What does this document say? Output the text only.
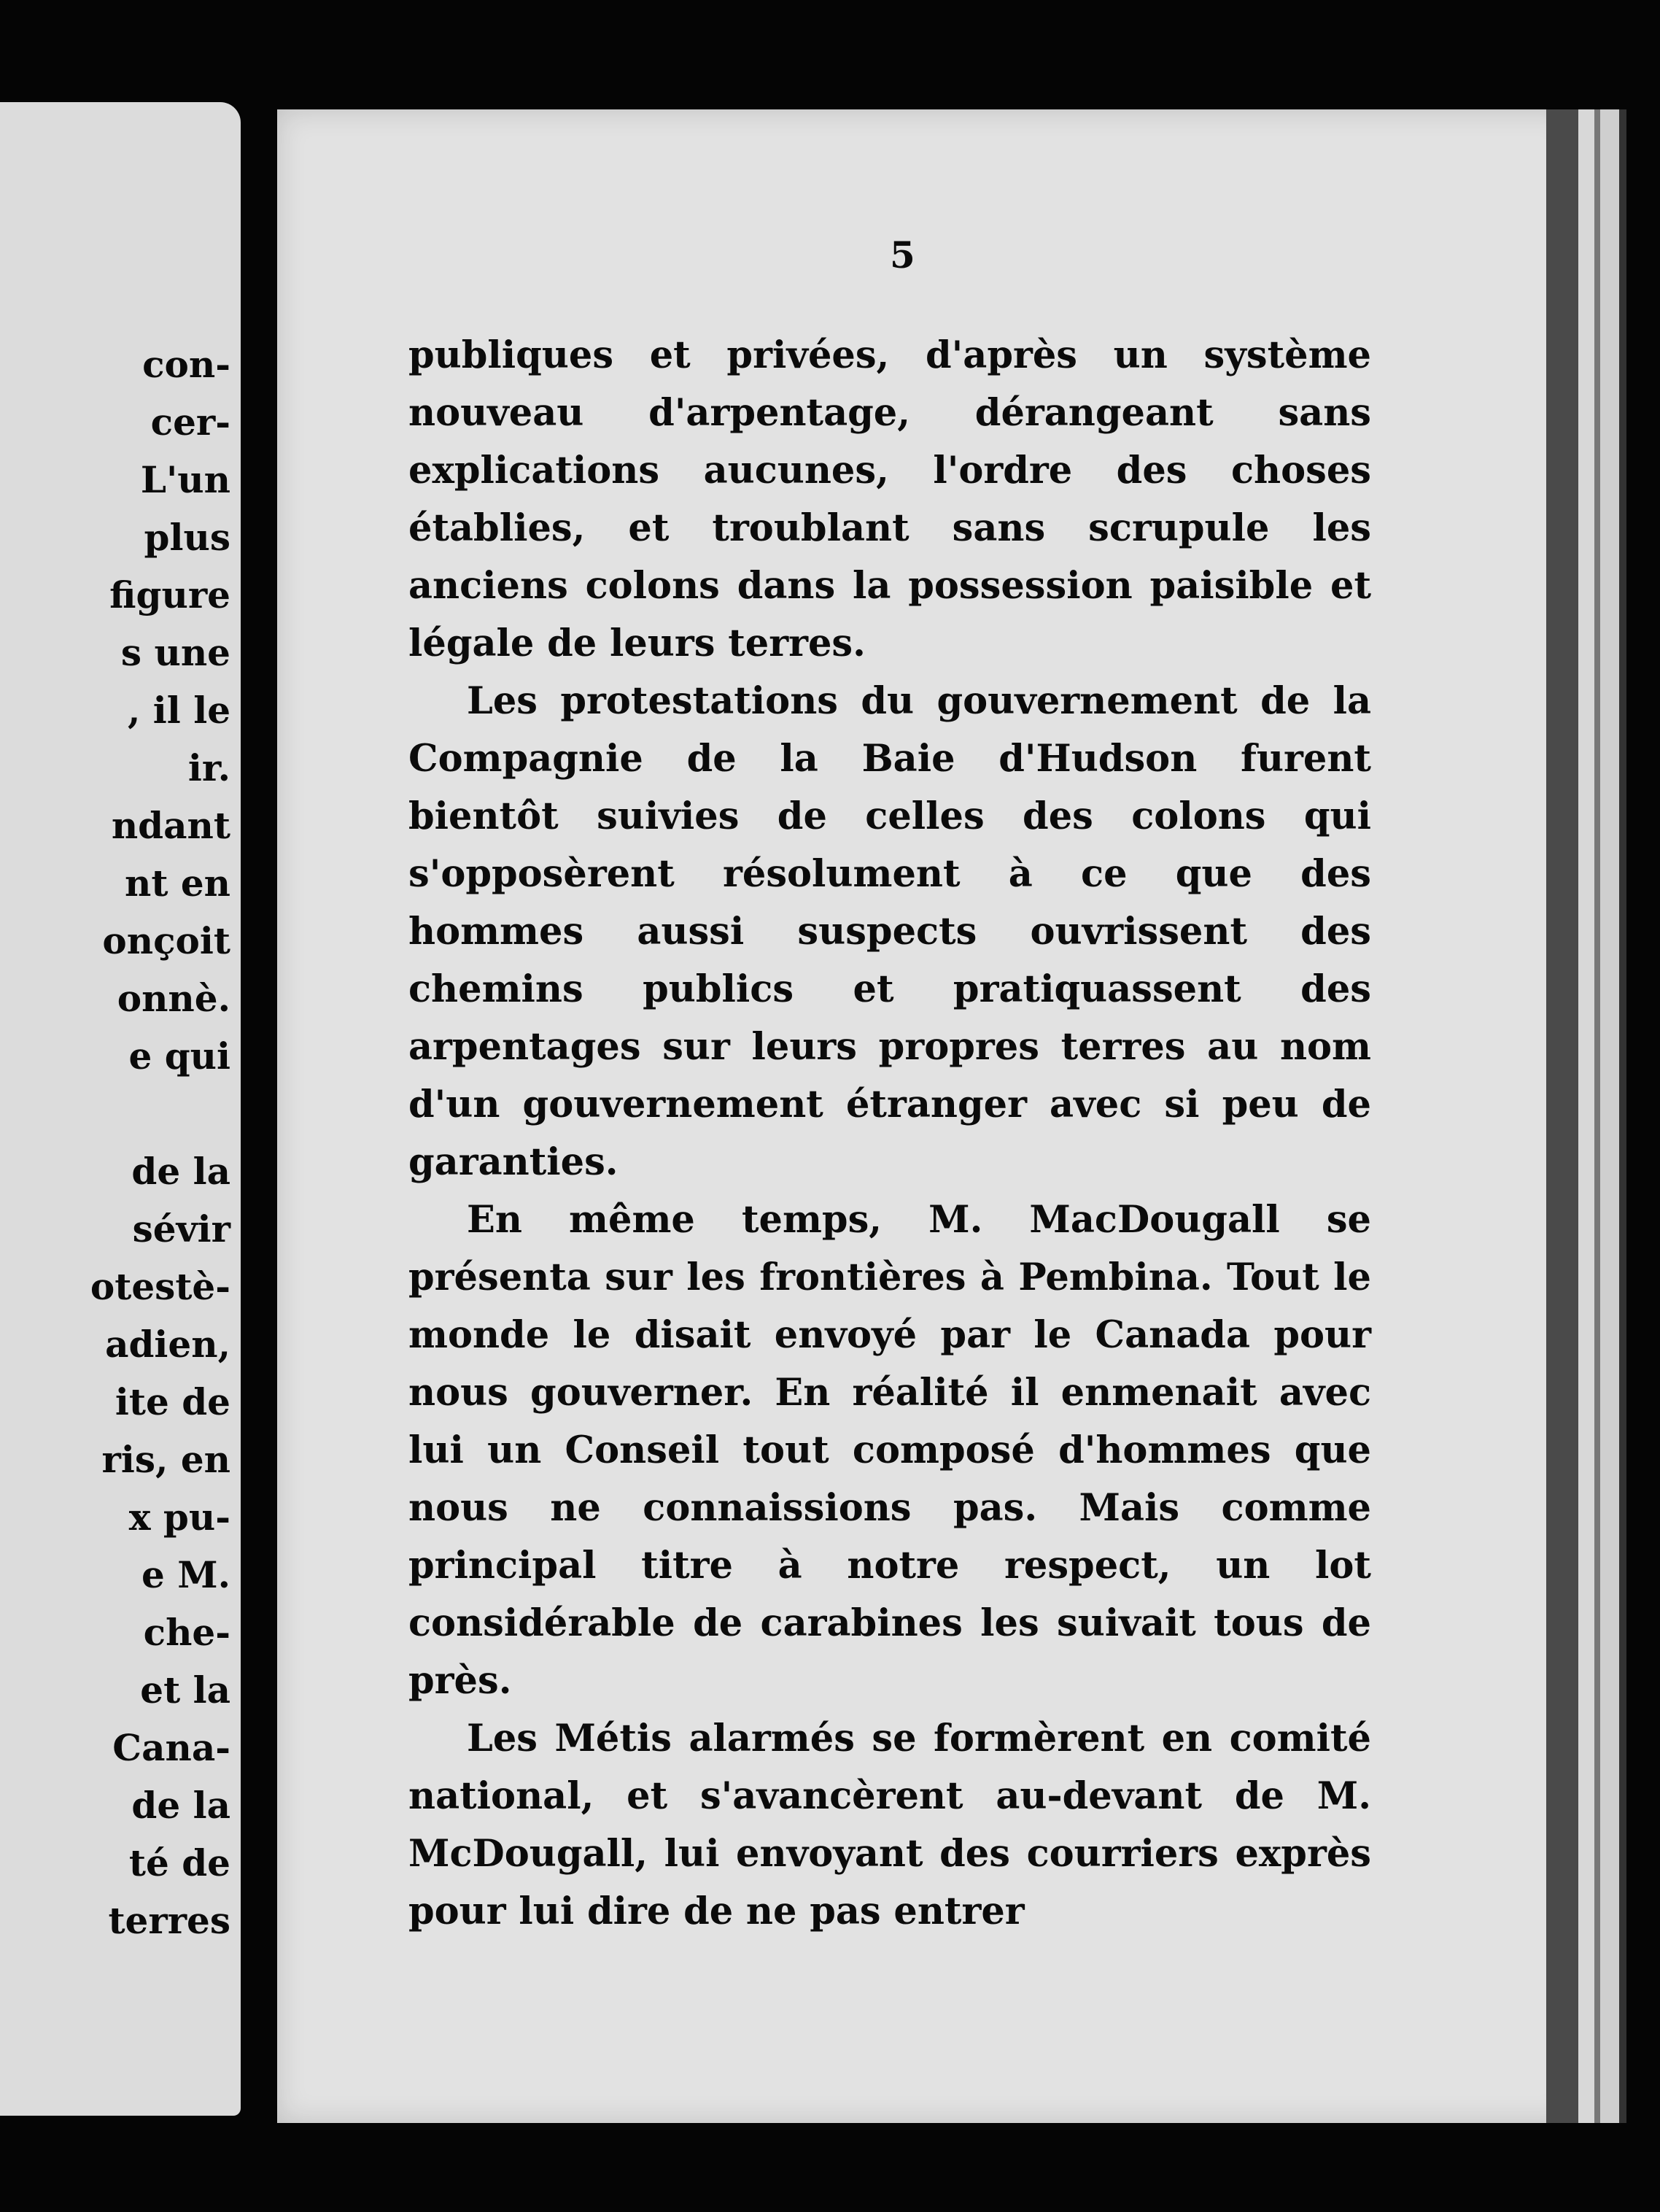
con-
cer-
L'un
plus
figure
s une
, il le
ir.
ndant
nt en
onçoit
onnè.
e qui
de la
sévir
otestè-
adien,
ite de
ris, en
x pu-
e M.
che-
et la
Cana-
de la
té de
terres
5

publiques et privées, d'après un système nouveau d'arpentage, dérangeant sans explications aucunes, l'ordre des choses établies, et troublant sans scrupule les anciens colons dans la possession paisible et légale de leurs terres.

Les protestations du gouvernement de la Compagnie de la Baie d'Hudson furent bientôt suivies de celles des colons qui s'opposèrent résolument à ce que des hommes aussi suspects ouvrissent des chemins publics et pratiquassent des arpentages sur leurs propres terres au nom d'un gouvernement étranger avec si peu de garanties.

En même temps, M. MacDougall se présenta sur les frontières à Pembina. Tout le monde le disait envoyé par le Canada pour nous gouverner. En réalité il enmenait avec lui un Conseil tout composé d'hommes que nous ne connaissions pas. Mais comme principal titre à notre respect, un lot considérable de carabines les suivait tous de près.

Les Métis alarmés se formèrent en comité national, et s'avancèrent au-devant de M. McDougall, lui envoyant des courriers exprès pour lui dire de ne pas entrer
